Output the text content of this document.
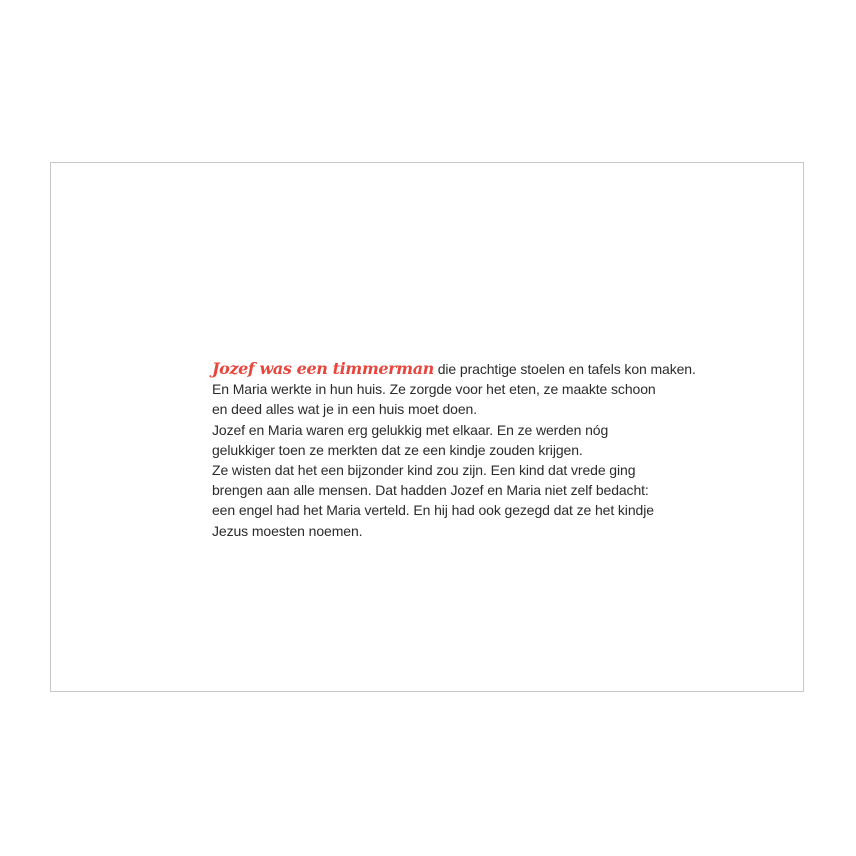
Jozef was een timmerman die prachtige stoelen en tafels kon maken.
En Maria werkte in hun huis. Ze zorgde voor het eten, ze maakte schoon
en deed alles wat je in een huis moet doen.
Jozef en Maria waren erg gelukkig met elkaar. En ze werden nóg
gelukkiger toen ze merkten dat ze een kindje zouden krijgen.
Ze wisten dat het een bijzonder kind zou zijn. Een kind dat vrede ging
brengen aan alle mensen. Dat hadden Jozef en Maria niet zelf bedacht:
een engel had het Maria verteld. En hij had ook gezegd dat ze het kindje
Jezus moesten noemen.
